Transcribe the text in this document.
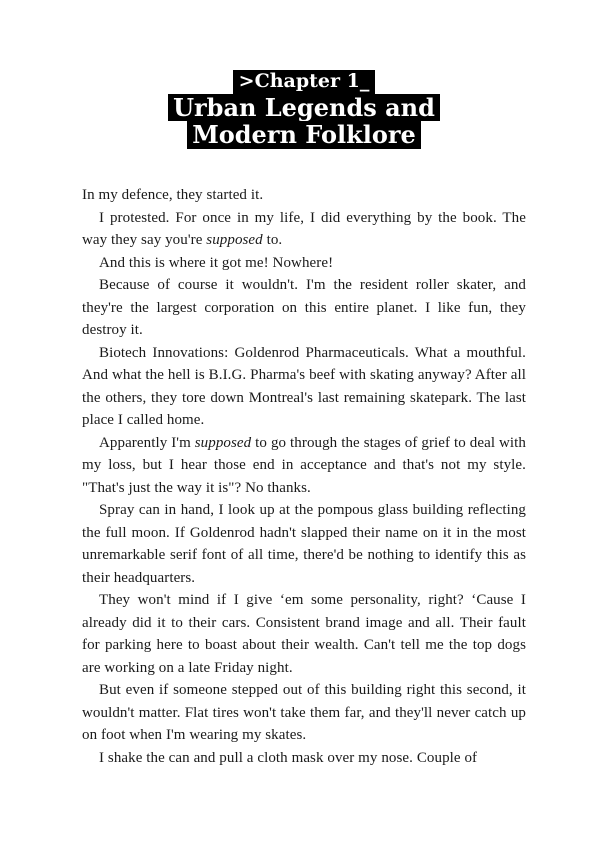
>Chapter 1_
Urban Legends and
Modern Folklore

In my defence, they started it.

I protested. For once in my life, I did everything by the book. The way they say you're supposed to.

And this is where it got me! Nowhere!

Because of course it wouldn't. I'm the resident roller skater, and they're the largest corporation on this entire planet. I like fun, they destroy it.

Biotech Innovations: Goldenrod Pharmaceuticals. What a mouthful. And what the hell is B.I.G. Pharma's beef with skating anyway? After all the others, they tore down Montreal's last remaining skatepark. The last place I called home.

Apparently I'm supposed to go through the stages of grief to deal with my loss, but I hear those end in acceptance and that's not my style. "That's just the way it is"? No thanks.

Spray can in hand, I look up at the pompous glass building reflecting the full moon. If Goldenrod hadn't slapped their name on it in the most unremarkable serif font of all time, there'd be nothing to identify this as their headquarters.

They won't mind if I give ‘em some personality, right? ‘Cause I already did it to their cars. Consistent brand image and all. Their fault for parking here to boast about their wealth. Can't tell me the top dogs are working on a late Friday night.

But even if someone stepped out of this building right this second, it wouldn't matter. Flat tires won't take them far, and they'll never catch up on foot when I'm wearing my skates.

I shake the can and pull a cloth mask over my nose. Couple of
